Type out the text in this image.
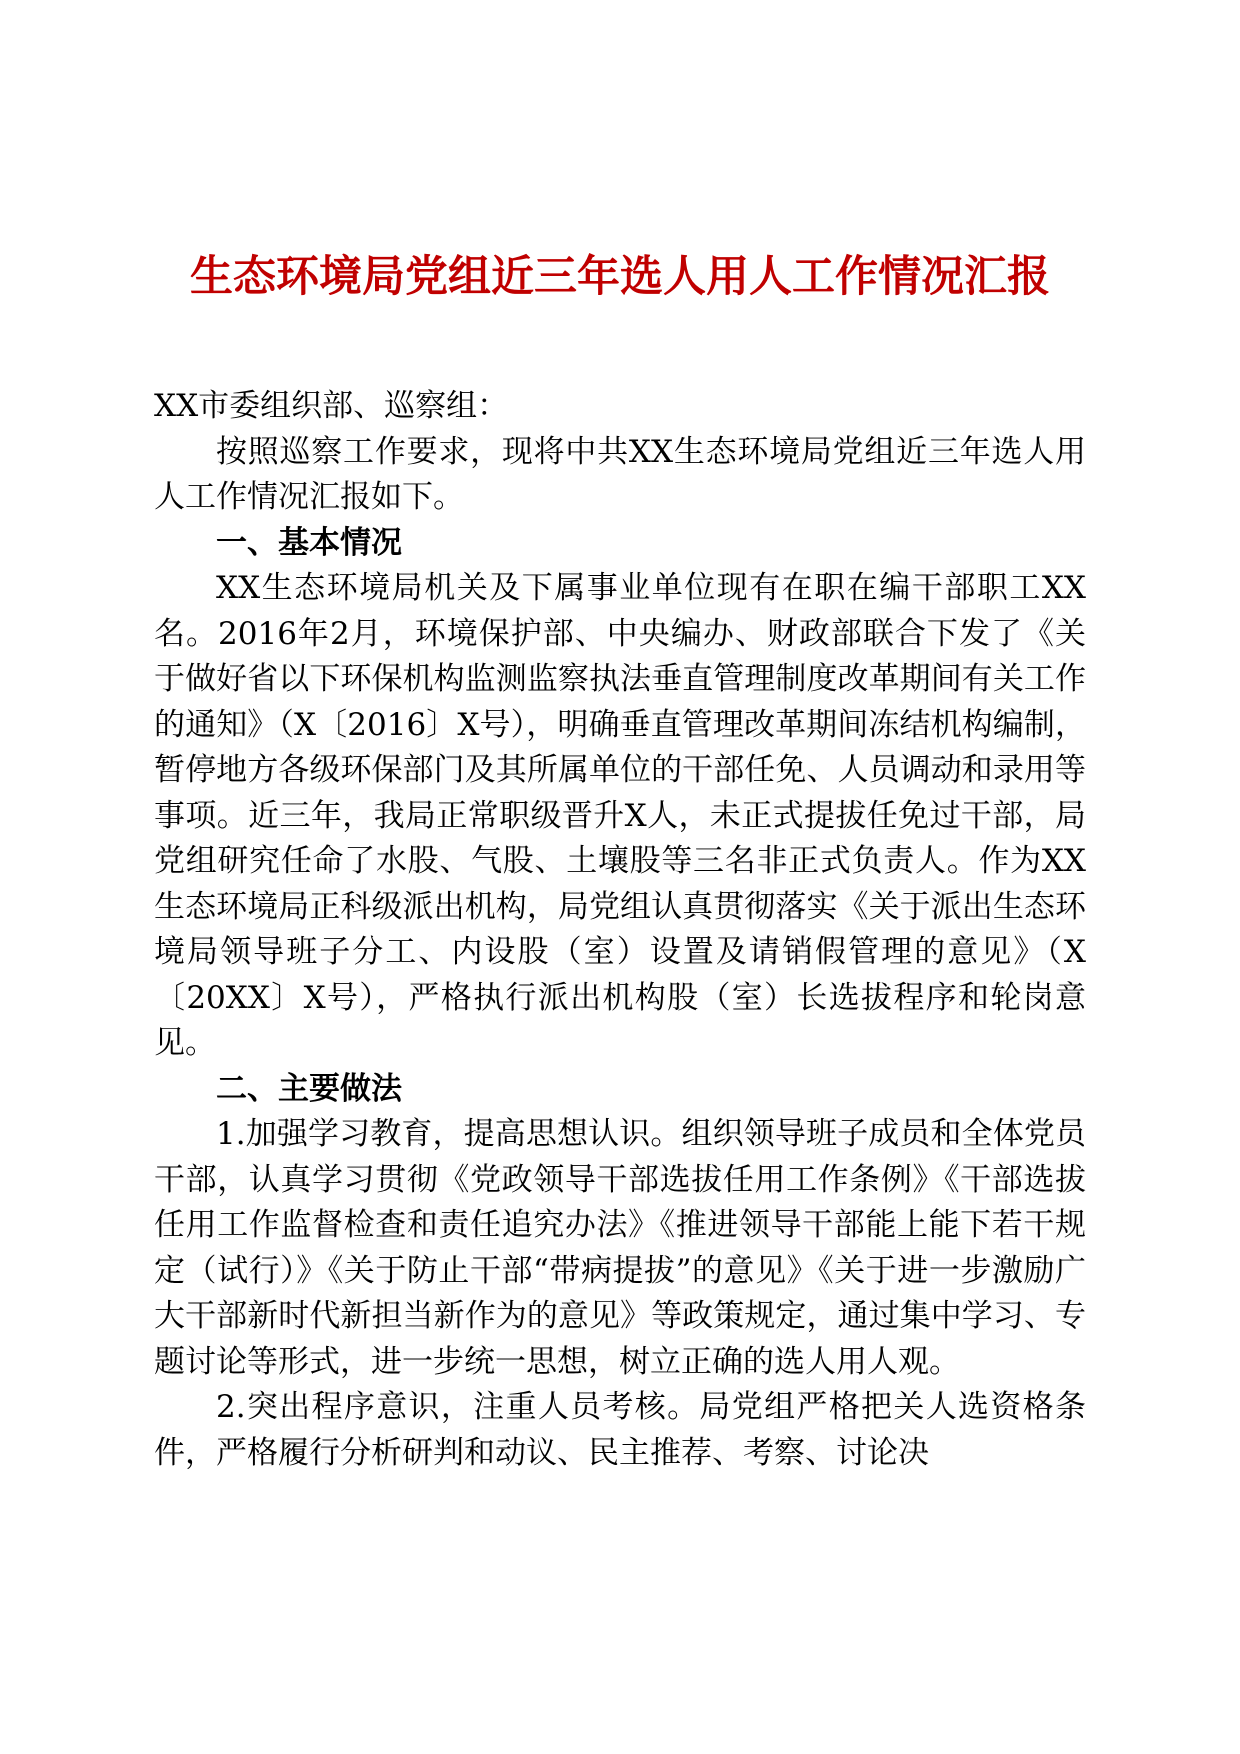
生态环境局党组近三年选人用人工作情况汇报

XX市委组织部、巡察组：

按照巡察工作要求，现将中共XX生态环境局党组近三年选人用人工作情况汇报如下。

一、基本情况

XX生态环境局机关及下属事业单位现有在职在编干部职工XX名。2016年2月，环境保护部、中央编办、财政部联合下发了《关于做好省以下环保机构监测监察执法垂直管理制度改革期间有关工作的通知》（X〔2016〕X号），明确垂直管理改革期间冻结机构编制，暂停地方各级环保部门及其所属单位的干部任免、人员调动和录用等事项。近三年，我局正常职级晋升X人，未正式提拔任免过干部，局党组研究任命了水股、气股、土壤股等三名非正式负责人。作为XX生态环境局正科级派出机构，局党组认真贯彻落实《关于派出生态环境局领导班子分工、内设股（室）设置及请销假管理的意见》（X〔20XX〕X号），严格执行派出机构股（室）长选拔程序和轮岗意见。

二、主要做法

1.加强学习教育，提高思想认识。组织领导班子成员和全体党员干部，认真学习贯彻《党政领导干部选拔任用工作条例》《干部选拔任用工作监督检查和责任追究办法》《推进领导干部能上能下若干规定（试行）》《关于防止干部“带病提拔”的意见》《关于进一步激励广大干部新时代新担当新作为的意见》等政策规定，通过集中学习、专题讨论等形式，进一步统一思想，树立正确的选人用人观。

2.突出程序意识，注重人员考核。局党组严格把关人选资格条件，严格履行分析研判和动议、民主推荐、考察、讨论决
